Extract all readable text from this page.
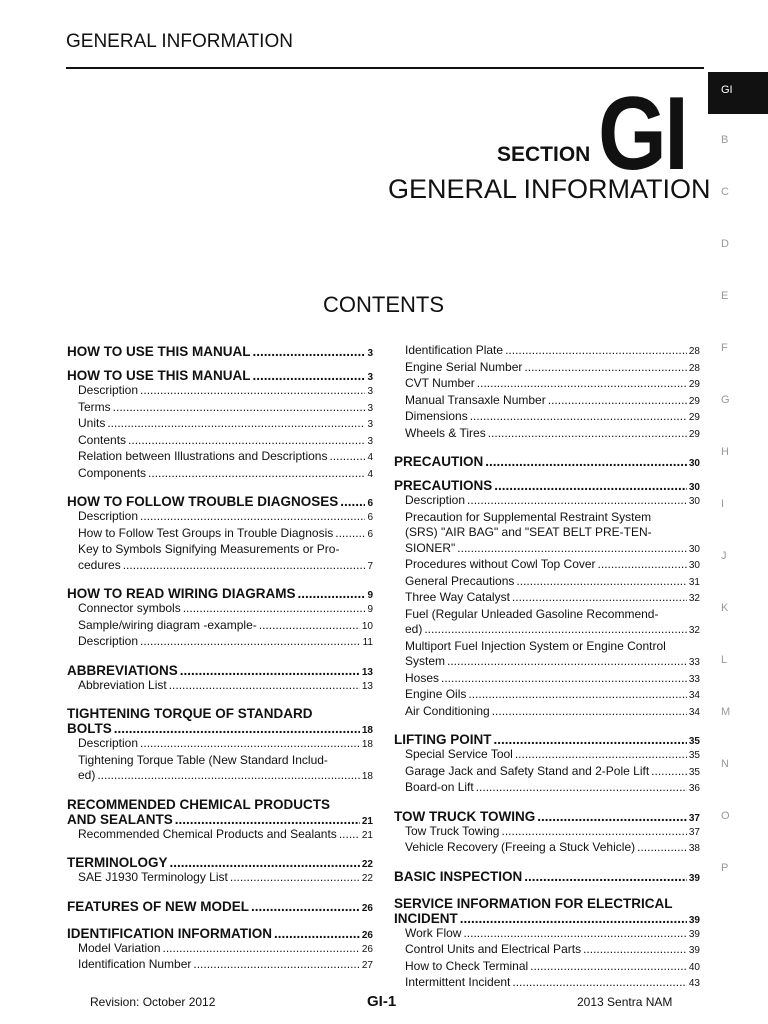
GENERAL INFORMATION
SECTION GI
GENERAL INFORMATION
CONTENTS
GI
B
C
D
E
F
G
H
I
J
K
L
M
N
O
P
HOW TO USE THIS MANUAL .....	3
HOW TO USE THIS MANUAL .....	3
Description .....	3
Terms .....	3
Units .....	3
Contents .....	3
Relation between Illustrations and Descriptions .....	4
Components .....	4
HOW TO FOLLOW TROUBLE DIAGNOSES .....	6
Description .....	6
How to Follow Test Groups in Trouble Diagnosis .....	6
Key to Symbols Signifying Measurements or Pro-
cedures .....	7
HOW TO READ WIRING DIAGRAMS .....	9
Connector symbols .....	9
Sample/wiring diagram -example- .....	10
Description .....	11
ABBREVIATIONS .....	13
Abbreviation List .....	13
TIGHTENING TORQUE OF STANDARD
BOLTS .....	18
Description .....	18
Tightening Torque Table (New Standard Includ-
ed) .....	18
RECOMMENDED CHEMICAL PRODUCTS
AND SEALANTS .....	21
Recommended Chemical Products and Sealants .....	21
TERMINOLOGY .....	22
SAE J1930 Terminology List .....	22
FEATURES OF NEW MODEL .....	26
IDENTIFICATION INFORMATION .....	26
Model Variation .....	26
Identification Number .....	27
Identification Plate .....	28
Engine Serial Number .....	28
CVT Number .....	29
Manual Transaxle Number .....	29
Dimensions .....	29
Wheels & Tires .....	29
PRECAUTION .....	30
PRECAUTIONS .....	30
Description .....	30
Precaution for Supplemental Restraint System
(SRS) "AIR BAG" and "SEAT BELT PRE-TEN-
SIONER" .....	30
Procedures without Cowl Top Cover .....	30
General Precautions .....	31
Three Way Catalyst .....	32
Fuel (Regular Unleaded Gasoline Recommend-
ed) .....	32
Multiport Fuel Injection System or Engine Control
System .....	33
Hoses .....	33
Engine Oils .....	34
Air Conditioning .....	34
LIFTING POINT .....	35
Special Service Tool .....	35
Garage Jack and Safety Stand and 2-Pole Lift .....	35
Board-on Lift .....	36
TOW TRUCK TOWING .....	37
Tow Truck Towing .....	37
Vehicle Recovery (Freeing a Stuck Vehicle) .....	38
BASIC INSPECTION .....	39
SERVICE INFORMATION FOR ELECTRICAL
INCIDENT .....	39
Work Flow .....	39
Control Units and Electrical Parts .....	39
How to Check Terminal .....	40
Intermittent Incident .....	43
Revision: October 2012	GI-1	2013 Sentra NAM
